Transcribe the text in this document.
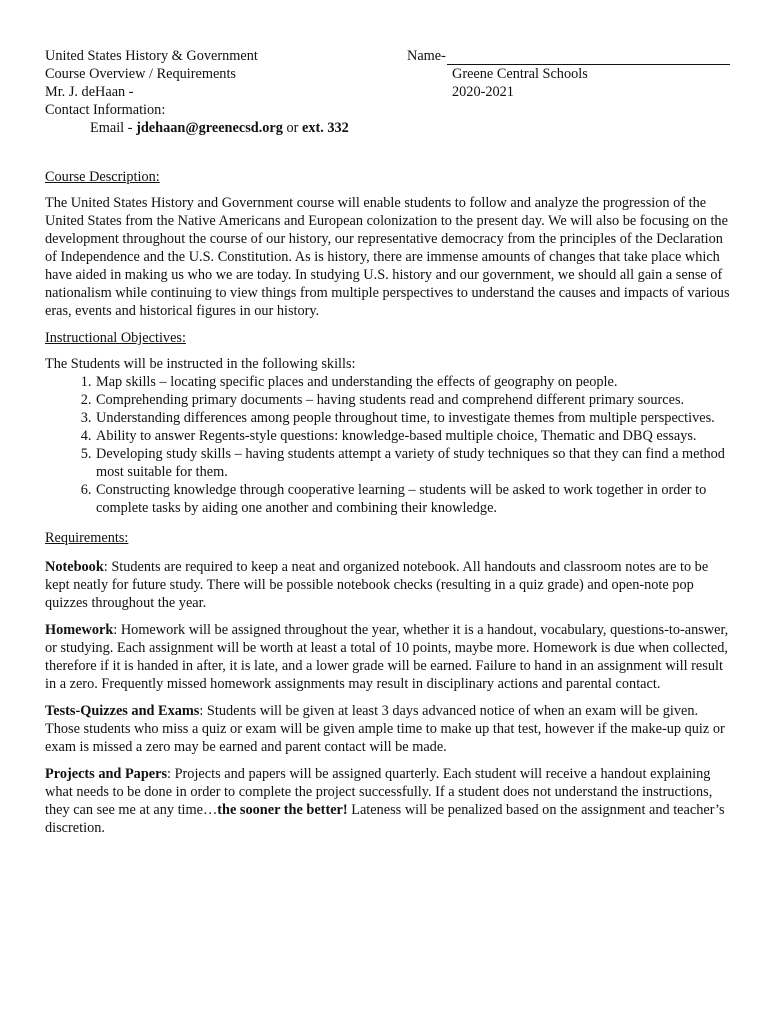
United States History & Government
Course Overview / Requirements
Mr. J. deHaan -
Contact Information:
Email - jdehaan@greenecsd.org or ext. 332
Name-
Greene Central Schools
2020-2021

Course Description:

The United States History and Government course will enable students to follow and analyze the progression of the United States from the Native Americans and European colonization to the present day. We will also be focusing on the development throughout the course of our history, our representative democracy from the principles of the Declaration of Independence and the U.S. Constitution. As is history, there are immense amounts of changes that take place which have aided in making us who we are today. In studying U.S. history and our government, we should all gain a sense of nationalism while continuing to view things from multiple perspectives to understand the causes and impacts of various eras, events and historical figures in our history.

Instructional Objectives:

The Students will be instructed in the following skills:

1. Map skills – locating specific places and understanding the effects of geography on people.
2. Comprehending primary documents – having students read and comprehend different primary sources.
3. Understanding differences among people throughout time, to investigate themes from multiple perspectives.
4. Ability to answer Regents-style questions: knowledge-based multiple choice, Thematic and DBQ essays.
5. Developing study skills – having students attempt a variety of study techniques so that they can find a method most suitable for them.
6. Constructing knowledge through cooperative learning – students will be asked to work together in order to complete tasks by aiding one another and combining their knowledge.

Requirements:

Notebook: Students are required to keep a neat and organized notebook. All handouts and classroom notes are to be kept neatly for future study. There will be possible notebook checks (resulting in a quiz grade) and open-note pop quizzes throughout the year.

Homework: Homework will be assigned throughout the year, whether it is a handout, vocabulary, questions-to-answer, or studying. Each assignment will be worth at least a total of 10 points, maybe more. Homework is due when collected, therefore if it is handed in after, it is late, and a lower grade will be earned. Failure to hand in an assignment will result in a zero. Frequently missed homework assignments may result in disciplinary actions and parental contact.

Tests-Quizzes and Exams: Students will be given at least 3 days advanced notice of when an exam will be given. Those students who miss a quiz or exam will be given ample time to make up that test, however if the make-up quiz or exam is missed a zero may be earned and parent contact will be made.

Projects and Papers: Projects and papers will be assigned quarterly. Each student will receive a handout explaining what needs to be done in order to complete the project successfully. If a student does not understand the instructions, they can see me at any time…the sooner the better! Lateness will be penalized based on the assignment and teacher’s discretion.
